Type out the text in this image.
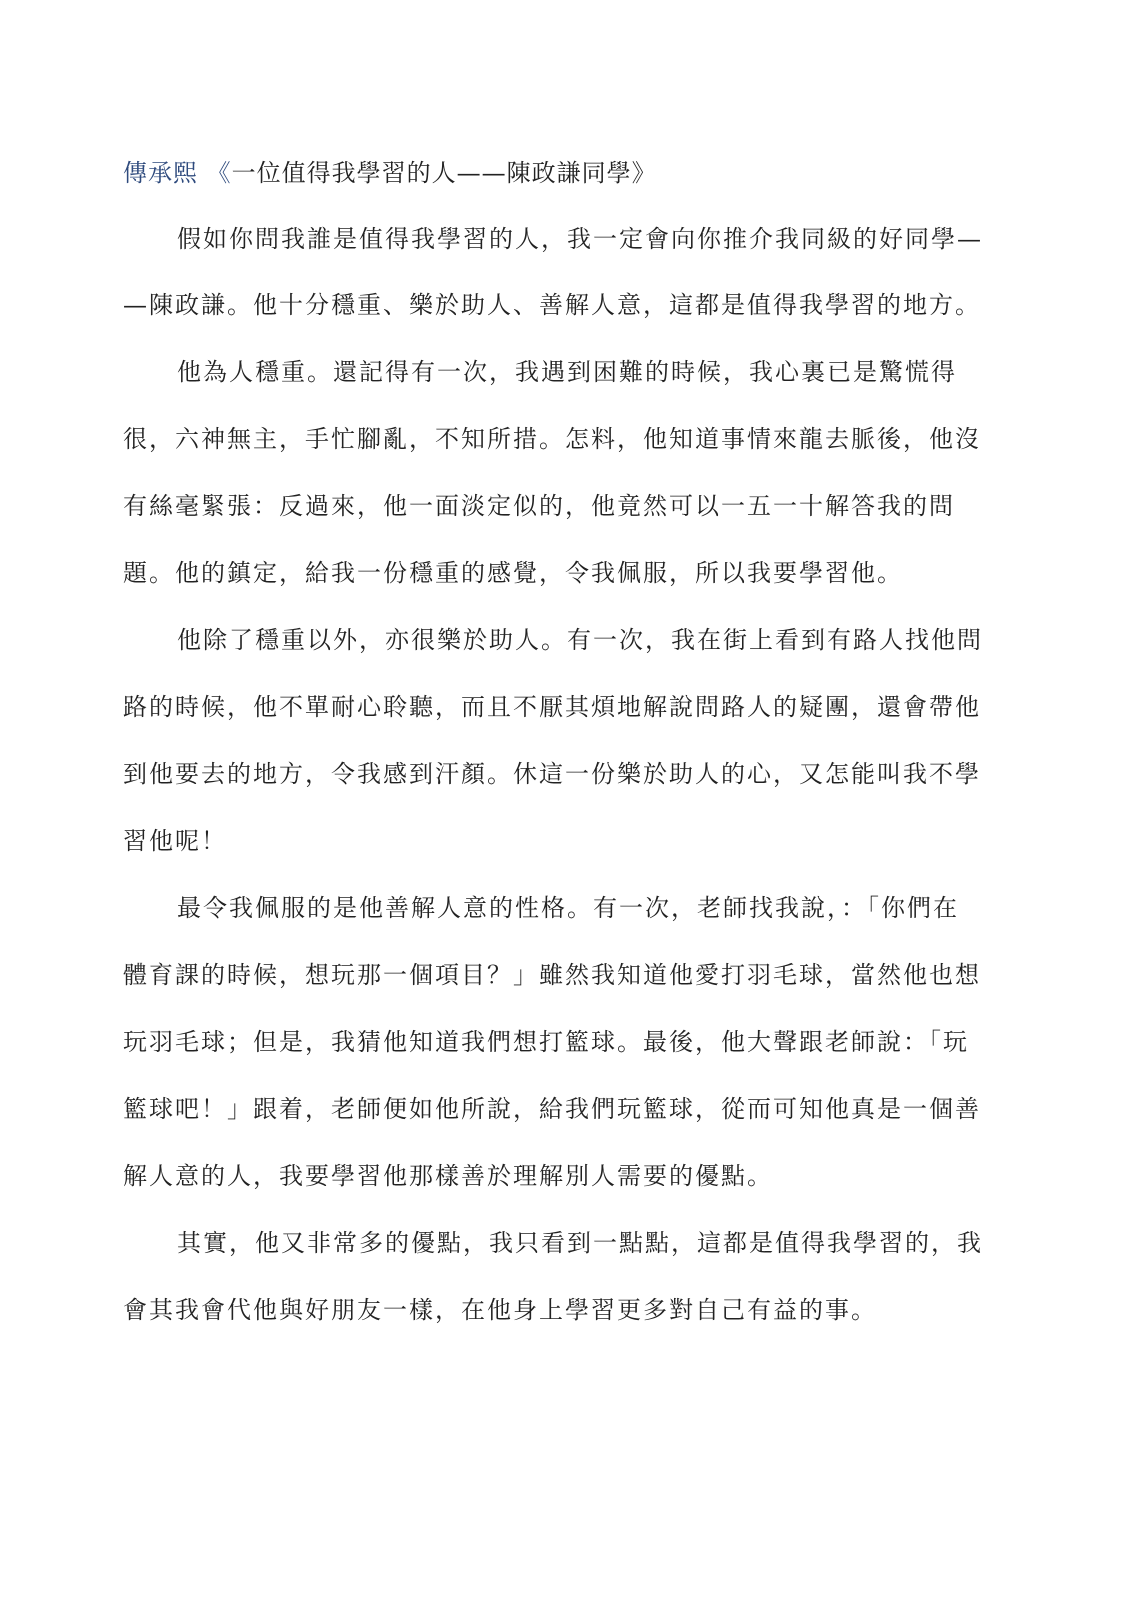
傳承熙 《一位值得我學習的人——陳政謙同學》
假如你問我誰是值得我學習的人，我一定會向你推介我同級的好同學—
—陳政謙。他十分穩重、樂於助人、善解人意，這都是值得我學習的地方。
他為人穩重。還記得有一次，我遇到困難的時候，我心裏已是驚慌得
很，六神無主，手忙腳亂，不知所措。怎料，他知道事情來龍去脈後，他沒
有絲毫緊張：反過來，他一面淡定似的，他竟然可以一五一十解答我的問
題。他的鎮定，給我一份穩重的感覺，令我佩服，所以我要學習他。
他除了穩重以外，亦很樂於助人。有一次，我在街上看到有路人找他問
路的時候，他不單耐心聆聽，而且不厭其煩地解說問路人的疑團，還會帶他
到他要去的地方，令我感到汗顏。休這一份樂於助人的心，又怎能叫我不學
習他呢！
最令我佩服的是他善解人意的性格。有一次，老師找我說，：「你們在
體育課的時候，想玩那一個項目？」雖然我知道他愛打羽毛球，當然他也想
玩羽毛球；但是，我猜他知道我們想打籃球。最後，他大聲跟老師說：「玩
籃球吧！」跟着，老師便如他所說，給我們玩籃球，從而可知他真是一個善
解人意的人，我要學習他那樣善於理解別人需要的優點。
其實，他又非常多的優點，我只看到一點點，這都是值得我學習的，我
會其我會代他與好朋友一樣，在他身上學習更多對自己有益的事。
